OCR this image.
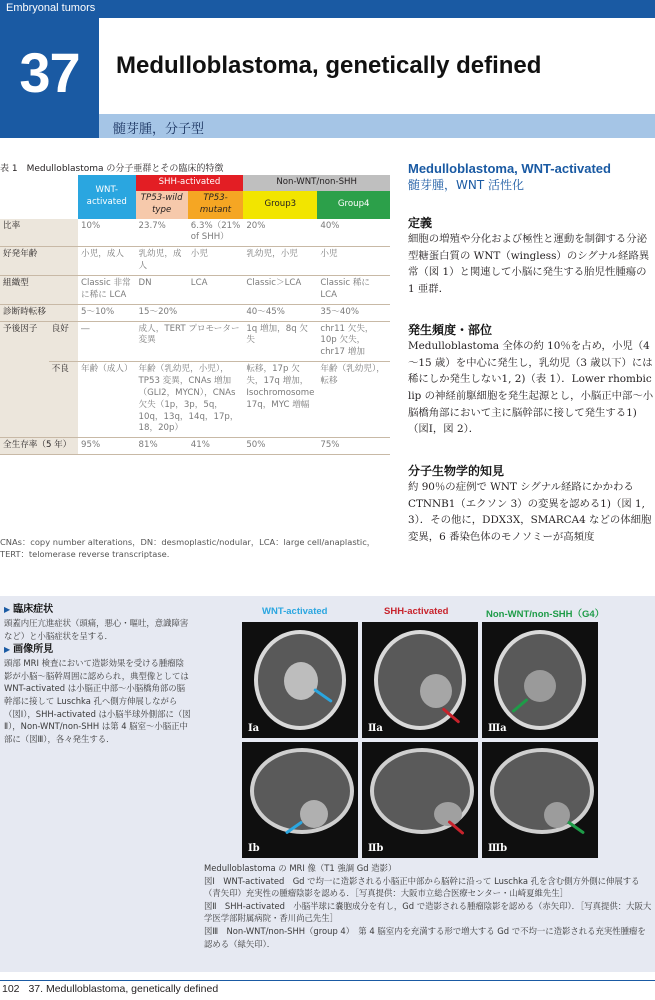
Embryonal tumors
37	Medulloblastoma, genetically defined
髄芽腫，分子型
表 1　Medulloblastoma の分子亜群とその臨床的特徴
		WNT-activated	SHH-activated		Non-WNT/non-SHH	
			TP53-wild type	TP53-mutant	Group3	Group4
比率		10%	23.7%	6.3%（21% of SHH）	20%	40%
好発年齢		小児，成人	乳幼児，成人	小児	乳幼児，小児	小児
組織型		Classic 非常に稀に LCA	DN	LCA	Classic＞LCA	Classic 稀に LCA
診断時転移		5～10%	15～20%		40～45%	35～40%
予後因子	良好	―	成人，TERT プロモーター変異		1q 増加，8q 欠失	chr11 欠失，10p 欠失，chr17 増加
	不良	年齢（成人）	年齢（乳幼児，小児），TP53 変異，CNAs 増加（GLI2，MYCN），CNAs 欠失（1p，3p，5q，10q，13q，14q，17p，18，20p）		転移，17p 欠失，17q 増加，Isochromosome 17q，MYC 増幅	年齢（乳幼児），転移
全生存率（5 年）		95%	81%	41%	50%	75%
CNAs：copy number alterations，DN：desmoplastic/nodular，LCA：large cell/anaplastic，TERT：telomerase reverse transcriptase.
Medulloblastoma, WNT-activated
髄芽腫，WNT 活性化
定義
細胞の増殖や分化および極性と運動を制御する分泌型糖蛋白質の WNT（wingless）のシグナル経路異常（図 1）と関連して小脳に発生する胎児性腫瘍の 1 亜群．
発生頻度・部位
Medulloblastoma 全体の約 10％を占め，小児（4～15 歳）を中心に発生し，乳幼児（3 歳以下）には稀にしか発生しない1, 2)（表 1）．Lower rhombic lip の神経前駆細胞を発生起源とし，小脳正中部～小脳橋角部において主に脳幹部に接して発生する1)（図Ⅰ，図 2）．
分子生物学的知見
約 90％の症例で WNT シグナル経路にかかわる CTNNB1（エクソン 3）の変異を認める1)（図 1, 3）．その他に，DDX3X，SMARCA4 などの体細胞変異，6 番染色体のモノソミーが高頻度
▶ 臨床症状
頭蓋内圧亢進症状（頭痛，悪心・嘔吐，意識障害など）と小脳症状を呈する．
▶ 画像所見
頭部 MRI 検査において造影効果を受ける腫瘤陰影が小脳～脳幹周囲に認められ，典型像としては WNT-activated は小脳正中部～小脳橋角部の脳幹部に接して Luschka 孔へ側方伸展しながら（図Ⅰ），SHH-activated は小脳半球外側部に（図Ⅱ），Non-WNT/non-SHH は第 4 脳室～小脳正中部に（図Ⅲ），各々発生する．
WNT-activated	SHH-activated	Non-WNT/non-SHH（G4）
Ⅰa	Ⅱa	Ⅲa
Ⅰb	Ⅱb	Ⅲb
Medulloblastoma の MRI 像（T1 強調 Gd 造影）
図Ⅰ　WNT-activated　Gd で均一に造影される小脳正中部から脳幹に沿って Luschka 孔を含む側方外側に伸展する（青矢印）充実性の腫瘤陰影を認める．［写真提供：大阪市立総合医療センター・山崎夏維先生］
図Ⅱ　SHH-activated　小脳半球に嚢胞成分を有し，Gd で造影される腫瘤陰影を認める（赤矢印）．［写真提供：大阪大学医学部附属病院・香川尚己先生］
図Ⅲ　Non-WNT/non-SHH（group 4）　第 4 脳室内を充満する形で増大する Gd で不均一に造影される充実性腫瘤を認める（緑矢印）．
102 37. Medulloblastoma, genetically defined
